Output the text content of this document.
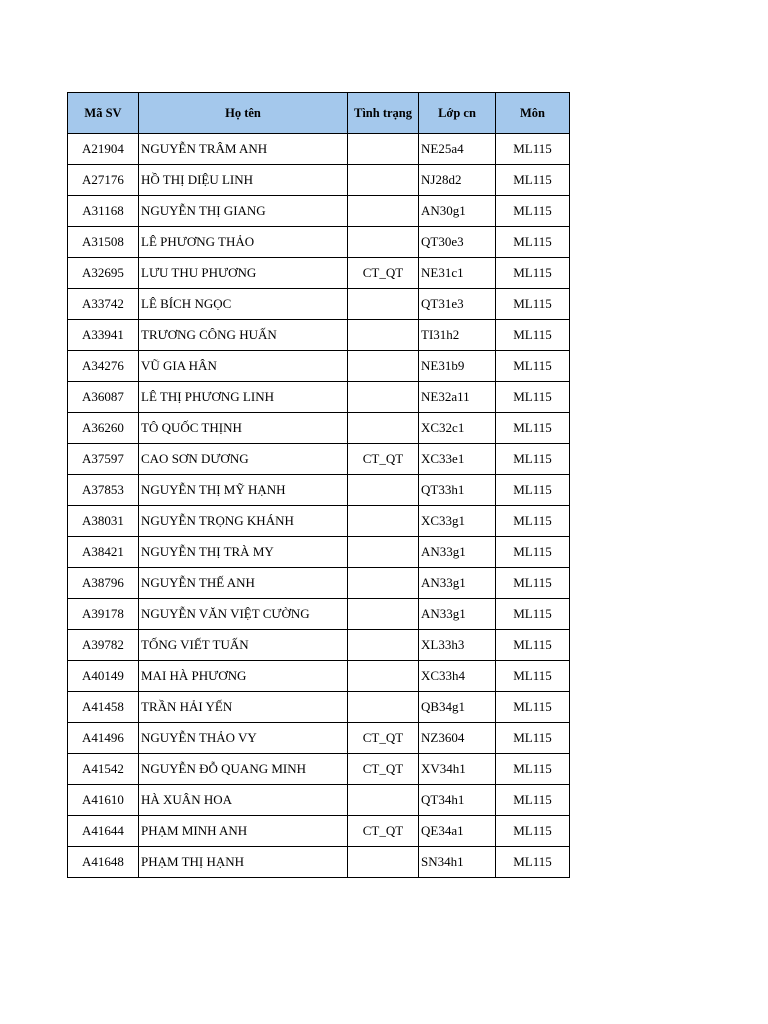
Mã SV	Họ tên	Tình trạng	Lớp cn	Môn
A21904	NGUYỄN TRÂM ANH		NE25a4	ML115
A27176	HỒ THỊ DIỆU LINH		NJ28d2	ML115
A31168	NGUYỄN THỊ GIANG		AN30g1	ML115
A31508	LÊ PHƯƠNG THẢO		QT30e3	ML115
A32695	LƯU THU PHƯƠNG	CT_QT	NE31c1	ML115
A33742	LÊ BÍCH NGỌC		QT31e3	ML115
A33941	TRƯƠNG CÔNG HUẤN		TI31h2	ML115
A34276	VŨ GIA HÂN		NE31b9	ML115
A36087	LÊ THỊ PHƯƠNG LINH		NE32a11	ML115
A36260	TÔ QUỐC THỊNH		XC32c1	ML115
A37597	CAO SƠN DƯƠNG	CT_QT	XC33e1	ML115
A37853	NGUYỄN THỊ MỸ HẠNH		QT33h1	ML115
A38031	NGUYỄN TRỌNG KHÁNH		XC33g1	ML115
A38421	NGUYỄN THỊ TRÀ MY		AN33g1	ML115
A38796	NGUYỄN THẾ ANH		AN33g1	ML115
A39178	NGUYỄN VĂN VIỆT CƯỜNG		AN33g1	ML115
A39782	TỐNG VIẾT TUẤN		XL33h3	ML115
A40149	MAI HÀ PHƯƠNG		XC33h4	ML115
A41458	TRẦN HẢI YẾN		QB34g1	ML115
A41496	NGUYỄN THẢO VY	CT_QT	NZ3604	ML115
A41542	NGUYỄN ĐỖ QUANG MINH	CT_QT	XV34h1	ML115
A41610	HÀ XUÂN HOA		QT34h1	ML115
A41644	PHẠM MINH ANH	CT_QT	QE34a1	ML115
A41648	PHẠM THỊ HẠNH		SN34h1	ML115
